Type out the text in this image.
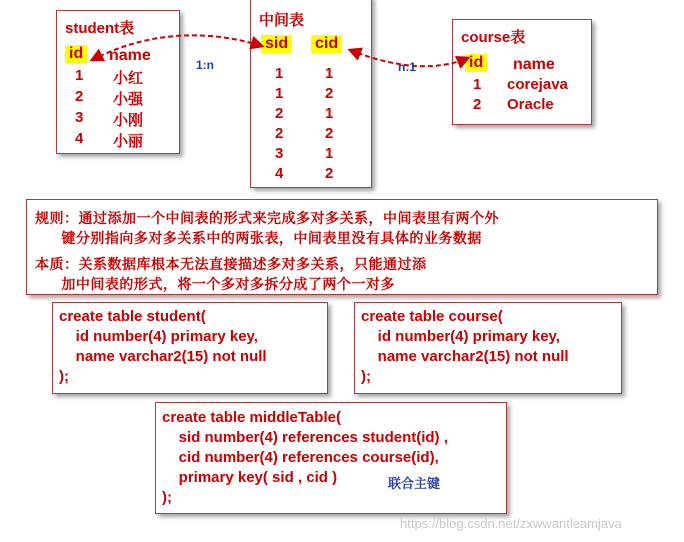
student表
id name
1 小红
2 小强
3 小刚
4 小丽
中间表
sid cid
1	1
1	2
2	1
2	2
3	1
4	2
course表
id name
1 corejava
2 Oracle
1:n	n:1
规则：通过添加一个中间表的形式来完成多对多关系，中间表里有两个外
键分别指向多对多关系中的两张表，中间表里没有具体的业务数据
本质：关系数据库根本无法直接描述多对多关系，只能通过添
加中间表的形式，将一个多对多拆分成了两个一对多
create table student(
id number(4) primary key,
name varchar2(15) not null
);
create table course(
id number(4) primary key,
name varchar2(15) not null
);
create table middleTable(
sid number(4) references student(id) ,
cid number(4) references course(id),
primary key( sid , cid )
);
联合主键
https://blog.csdn.net/zxwwantleamjava
